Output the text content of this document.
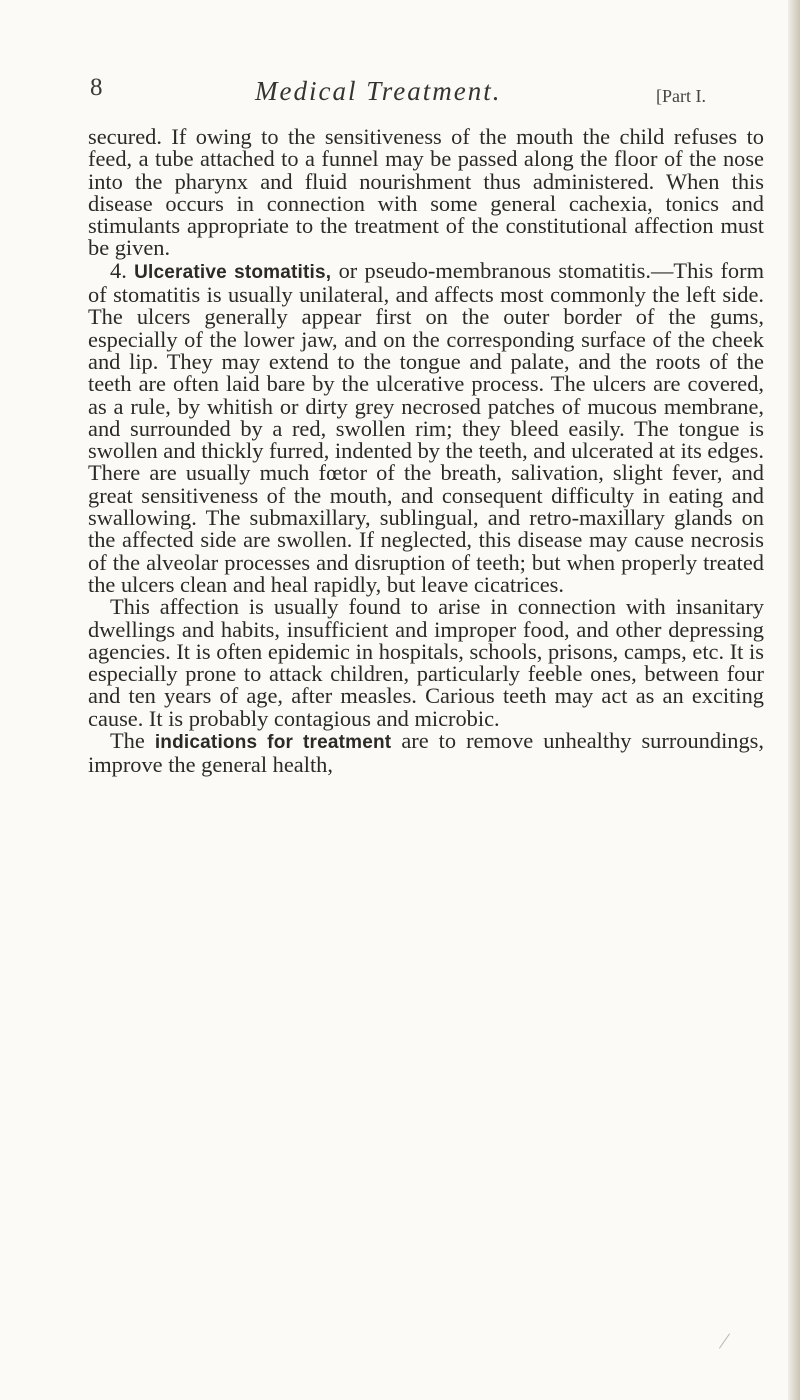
8	Medical Treatment.	[Part I.

secured. If owing to the sensitiveness of the mouth the child refuses to feed, a tube attached to a funnel may be passed along the floor of the nose into the pharynx and fluid nourishment thus administered. When this disease occurs in connection with some general cachexia, tonics and stimulants appropriate to the treatment of the constitutional affection must be given.

4. Ulcerative stomatitis, or pseudo-membranous stomatitis.—This form of stomatitis is usually unilateral, and affects most commonly the left side. The ulcers generally appear first on the outer border of the gums, especially of the lower jaw, and on the corresponding surface of the cheek and lip. They may extend to the tongue and palate, and the roots of the teeth are often laid bare by the ulcerative process. The ulcers are covered, as a rule, by whitish or dirty grey necrosed patches of mucous membrane, and surrounded by a red, swollen rim; they bleed easily. The tongue is swollen and thickly furred, indented by the teeth, and ulcerated at its edges. There are usually much fœtor of the breath, salivation, slight fever, and great sensitiveness of the mouth, and consequent difficulty in eating and swallowing. The submaxillary, sublingual, and retro-maxillary glands on the affected side are swollen. If neglected, this disease may cause necrosis of the alveolar processes and disruption of teeth; but when properly treated the ulcers clean and heal rapidly, but leave cicatrices.

This affection is usually found to arise in connection with insanitary dwellings and habits, insufficient and improper food, and other depressing agencies. It is often epidemic in hospitals, schools, prisons, camps, etc. It is especially prone to attack children, particularly feeble ones, between four and ten years of age, after measles. Carious teeth may act as an exciting cause. It is probably contagious and microbic.

The indications for treatment are to remove unhealthy surroundings, improve the general health,
